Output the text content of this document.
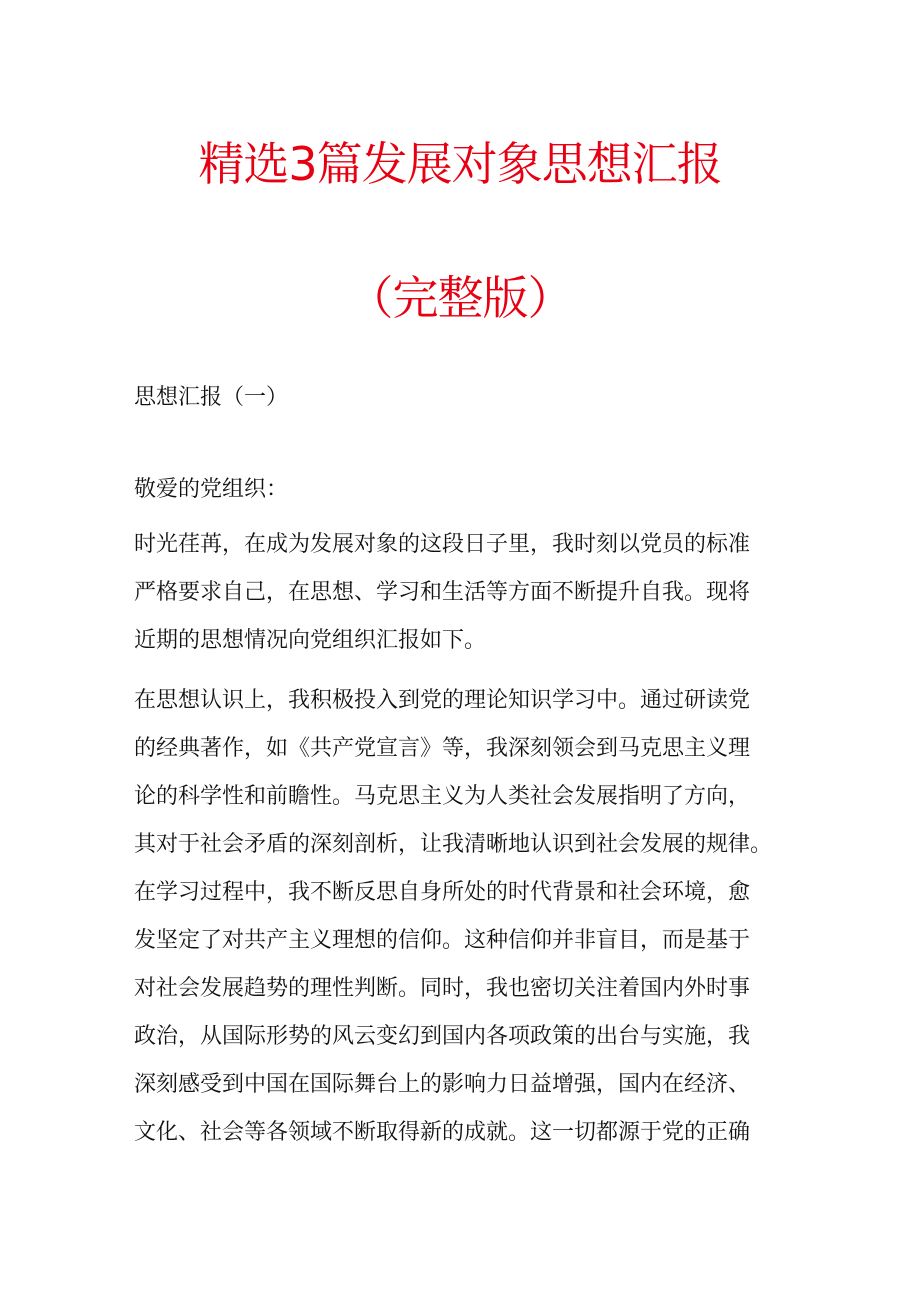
精选3篇发展对象思想汇报
（完整版）
思想汇报（一）
敬爱的党组织：
时光荏苒，在成为发展对象的这段日子里，我时刻以党员的标准
严格要求自己，在思想、学习和生活等方面不断提升自我。现将
近期的思想情况向党组织汇报如下。
在思想认识上，我积极投入到党的理论知识学习中。通过研读党
的经典著作，如《共产党宣言》等，我深刻领会到马克思主义理
论的科学性和前瞻性。马克思主义为人类社会发展指明了方向，
其对于社会矛盾的深刻剖析，让我清晰地认识到社会发展的规律。
在学习过程中，我不断反思自身所处的时代背景和社会环境，愈
发坚定了对共产主义理想的信仰。这种信仰并非盲目，而是基于
对社会发展趋势的理性判断。同时，我也密切关注着国内外时事
政治，从国际形势的风云变幻到国内各项政策的出台与实施，我
深刻感受到中国在国际舞台上的影响力日益增强，国内在经济、
文化、社会等各领域不断取得新的成就。这一切都源于党的正确
